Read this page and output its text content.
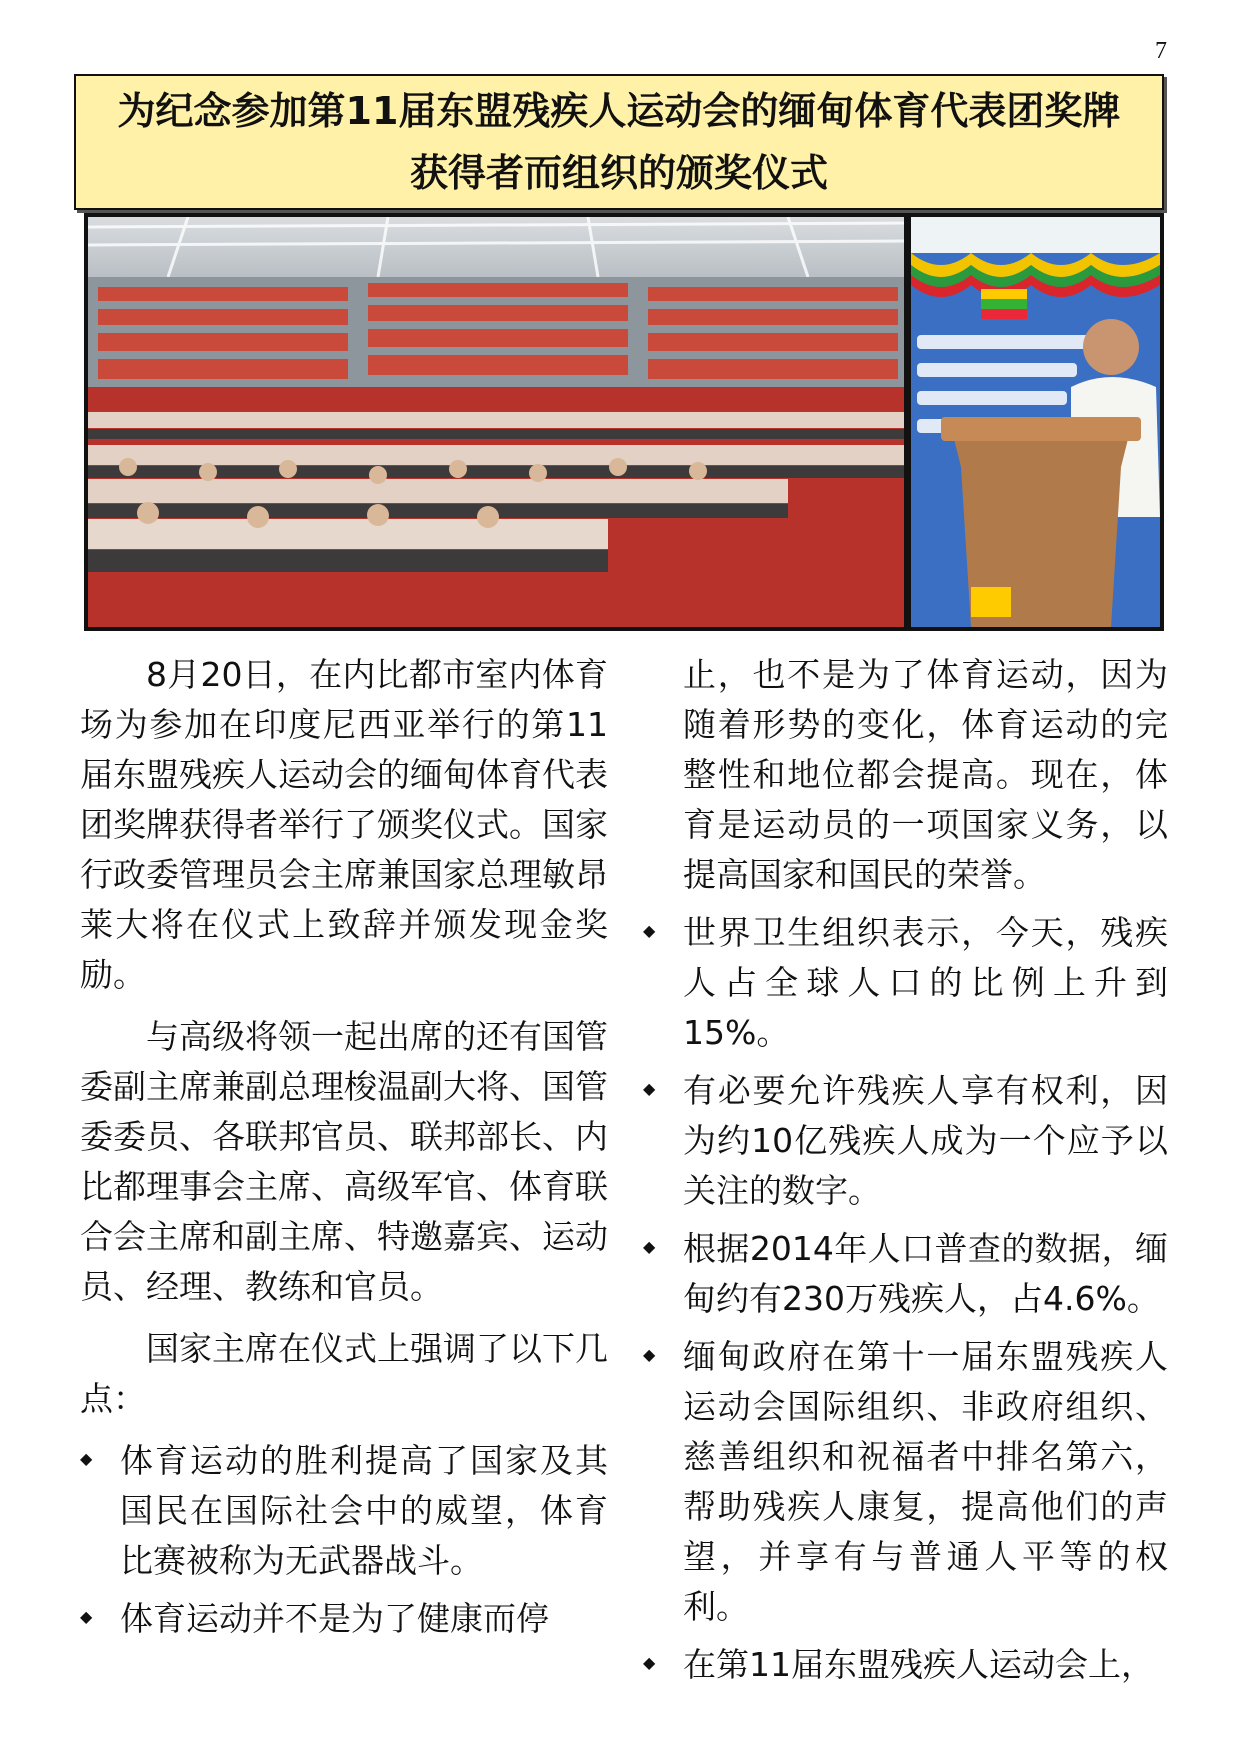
7
为纪念参加第11届东盟残疾人运动会的缅甸体育代表团奖牌获得者而组织的颁奖仪式

8月20日，在内比都市室内体育场为参加在印度尼西亚举行的第11届东盟残疾人运动会的缅甸体育代表团奖牌获得者举行了颁奖仪式。国家行政委管理员会主席兼国家总理敏昂莱大将在仪式上致辞并颁发现金奖励。

与高级将领一起出席的还有国管委副主席兼副总理梭温副大将、国管委委员、各联邦官员、联邦部长、内比都理事会主席、高级军官、体育联合会主席和副主席、特邀嘉宾、运动员、经理、教练和官员。

国家主席在仪式上强调了以下几点：

◆ 体育运动的胜利提高了国家及其国民在国际社会中的威望，体育比赛被称为无武器战斗。
◆ 体育运动并不是为了健康而停
止，也不是为了体育运动，因为随着形势的变化，体育运动的完整性和地位都会提高。现在，体育是运动员的一项国家义务，以提高国家和国民的荣誉。
◆ 世界卫生组织表示，今天，残疾人占全球人口的比例上升到15%。
◆ 有必要允许残疾人享有权利，因为约10亿残疾人成为一个应予以关注的数字。
◆ 根据2014年人口普查的数据，缅甸约有230万残疾人，占4.6%。
◆ 缅甸政府在第十一届东盟残疾人运动会国际组织、非政府组织、慈善组织和祝福者中排名第六，帮助残疾人康复，提高他们的声望，并享有与普通人平等的权利。
◆ 在第11届东盟残疾人运动会上，
